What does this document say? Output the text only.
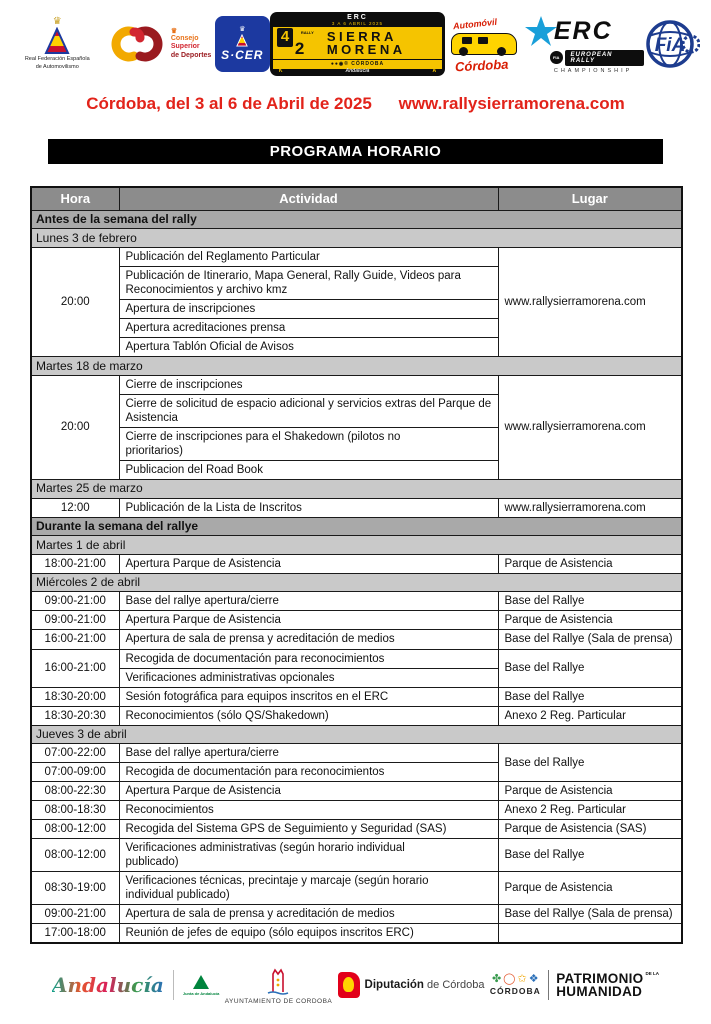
♛
Real Federación Española
de Automovilismo
♛
Consejo
Superior
de Deportes
♛
S·CER
ERC
3 A 6 ABRIL 2025
4	RALLY
2
SIERRA
MORENA
●●◉® CÓRDOBA
K	Andalucía	A
Automóvil
Córdoba
ERC
FIA	EUROPEAN RALLY
CHAMPIONSHIP
FiA
Córdoba, del 3 al 6 de Abril de 2025 www.rallysierramorena.com
PROGRAMA HORARIO
Hora	Actividad	Lugar
Antes de la semana del rally		
Lunes 3 de febrero		
20:00	Publicación del Reglamento Particular	www.rallysierramorena.com
	Publicación de Itinerario, Mapa General, Rally Guide, Videos para Reconocimientos y archivo kmz	
	Apertura de inscripciones	
	Apertura acreditaciones prensa	
	Apertura Tablón Oficial de Avisos	
Martes 18 de marzo		
20:00	Cierre de inscripciones	www.rallysierramorena.com
	Cierre de solicitud de espacio adicional y servicios extras del Parque de Asistencia	
	Cierre de inscripciones para el Shakedown (pilotos no prioritarios)	
	Publicacion del Road Book	
Martes 25 de marzo		
12:00	Publicación de la Lista de Inscritos	www.rallysierramorena.com
Durante la semana del rallye		
Martes 1 de abril		
18:00-21:00	Apertura Parque de Asistencia	Parque de Asistencia
Miércoles 2 de abril		
09:00-21:00	Base del rallye apertura/cierre	Base del Rallye
09:00-21:00	Apertura Parque de Asistencia	Parque de Asistencia
16:00-21:00	Apertura de sala de prensa y acreditación de medios	Base del Rallye (Sala de prensa)
16:00-21:00	Recogida de documentación para reconocimientos	Base del Rallye
	Verificaciones administrativas opcionales	
18:30-20:00	Sesión fotográfica para equipos inscritos en el ERC	Base del Rallye
18:30-20:30	Reconocimientos (sólo QS/Shakedown)	Anexo 2 Reg. Particular
Jueves 3 de abril		
07:00-22:00	Base del rallye apertura/cierre	Base del Rallye
07:00-09:00	Recogida de documentación para reconocimientos	
08:00-22:30	Apertura Parque de Asistencia	Parque de Asistencia
08:00-18:30	Reconocimientos	Anexo 2 Reg. Particular
08:00-12:00	Recogida del Sistema GPS de Seguimiento y Seguridad (SAS)	Parque de Asistencia (SAS)
08:00-12:00	Verificaciones administrativas (según horario individual publicado)	Base del Rallye
08:30-19:00	Verificaciones técnicas, precintaje y marcaje (según horario individual publicado)	Parque de Asistencia
09:00-21:00	Apertura de sala de prensa y acreditación de medios	Base del Rallye (Sala de prensa)
17:00-18:00	Reunión de jefes de equipo (sólo equipos inscritos ERC)	
Andalucía	Junta de Andalucía
AYUNTAMIENTO DE CORDOBA
Diputación de Córdoba ✤ ◯ ✩ ❖
CÓRDOBA
PATRIMONIO DE LA
HUMANIDAD
